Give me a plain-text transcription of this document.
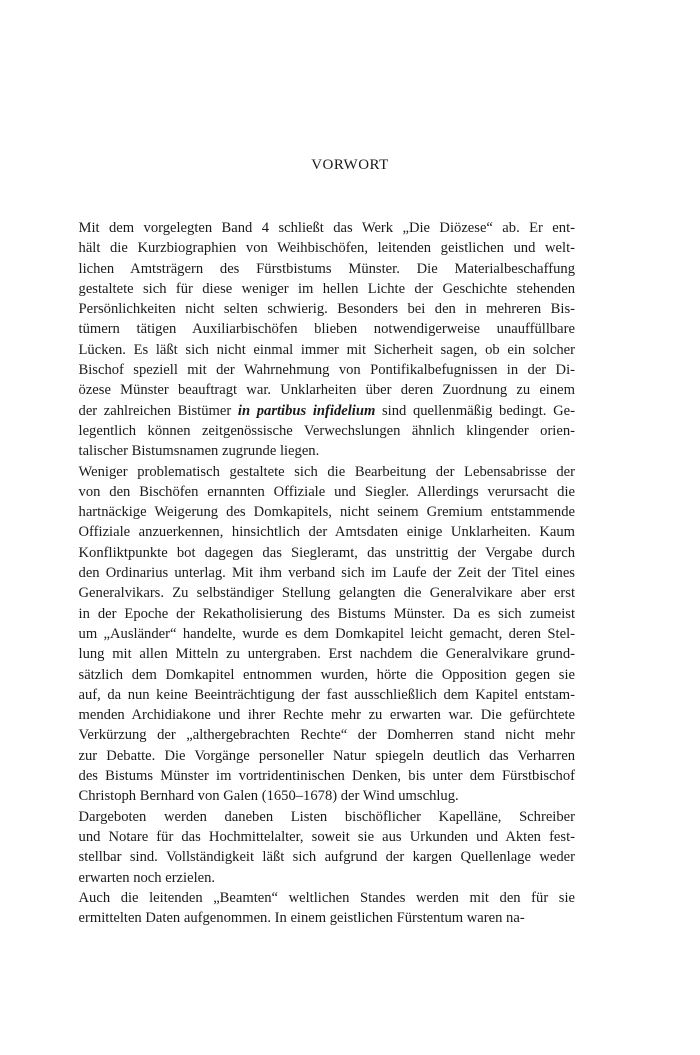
VORWORT

Mit dem vorgelegten Band 4 schließt das Werk „Die Diözese“ ab. Er ent-
hält die Kurzbiographien von Weihbischöfen, leitenden geistlichen und welt-
lichen Amtsträgern des Fürstbistums Münster. Die Materialbeschaffung
gestaltete sich für diese weniger im hellen Lichte der Geschichte stehenden
Persönlichkeiten nicht selten schwierig. Besonders bei den in mehreren Bis-
tümern tätigen Auxiliarbischöfen blieben notwendigerweise unauffüllbare
Lücken. Es läßt sich nicht einmal immer mit Sicherheit sagen, ob ein solcher
Bischof speziell mit der Wahrnehmung von Pontifikalbefugnissen in der Di-
özese Münster beauftragt war. Unklarheiten über deren Zuordnung zu einem
der zahlreichen Bistümer in partibus infidelium sind quellenmäßig bedingt. Ge-
legentlich können zeitgenössische Verwechslungen ähnlich klingender orien-
talischer Bistumsnamen zugrunde liegen.

Weniger problematisch gestaltete sich die Bearbeitung der Lebensabrisse der
von den Bischöfen ernannten Offiziale und Siegler. Allerdings verursacht die
hartnäckige Weigerung des Domkapitels, nicht seinem Gremium entstammende
Offiziale anzuerkennen, hinsichtlich der Amtsdaten einige Unklarheiten. Kaum
Konfliktpunkte bot dagegen das Siegleramt, das unstrittig der Vergabe durch
den Ordinarius unterlag. Mit ihm verband sich im Laufe der Zeit der Titel eines
Generalvikars. Zu selbständiger Stellung gelangten die Generalvikare aber erst
in der Epoche der Rekatholisierung des Bistums Münster. Da es sich zumeist
um „Ausländer“ handelte, wurde es dem Domkapitel leicht gemacht, deren Stel-
lung mit allen Mitteln zu untergraben. Erst nachdem die Generalvikare grund-
sätzlich dem Domkapitel entnommen wurden, hörte die Opposition gegen sie
auf, da nun keine Beeinträchtigung der fast ausschließlich dem Kapitel entstam-
menden Archidiakone und ihrer Rechte mehr zu erwarten war. Die gefürchtete
Verkürzung der „althergebrachten Rechte“ der Domherren stand nicht mehr
zur Debatte. Die Vorgänge personeller Natur spiegeln deutlich das Verharren
des Bistums Münster im vortridentinischen Denken, bis unter dem Fürstbischof
Christoph Bernhard von Galen (1650–1678) der Wind umschlug.

Dargeboten werden daneben Listen bischöflicher Kapelläne, Schreiber
und Notare für das Hochmittelalter, soweit sie aus Urkunden und Akten fest-
stellbar sind. Vollständigkeit läßt sich aufgrund der kargen Quellenlage weder
erwarten noch erzielen.

Auch die leitenden „Beamten“ weltlichen Standes werden mit den für sie
ermittelten Daten aufgenommen. In einem geistlichen Fürstentum waren na-
